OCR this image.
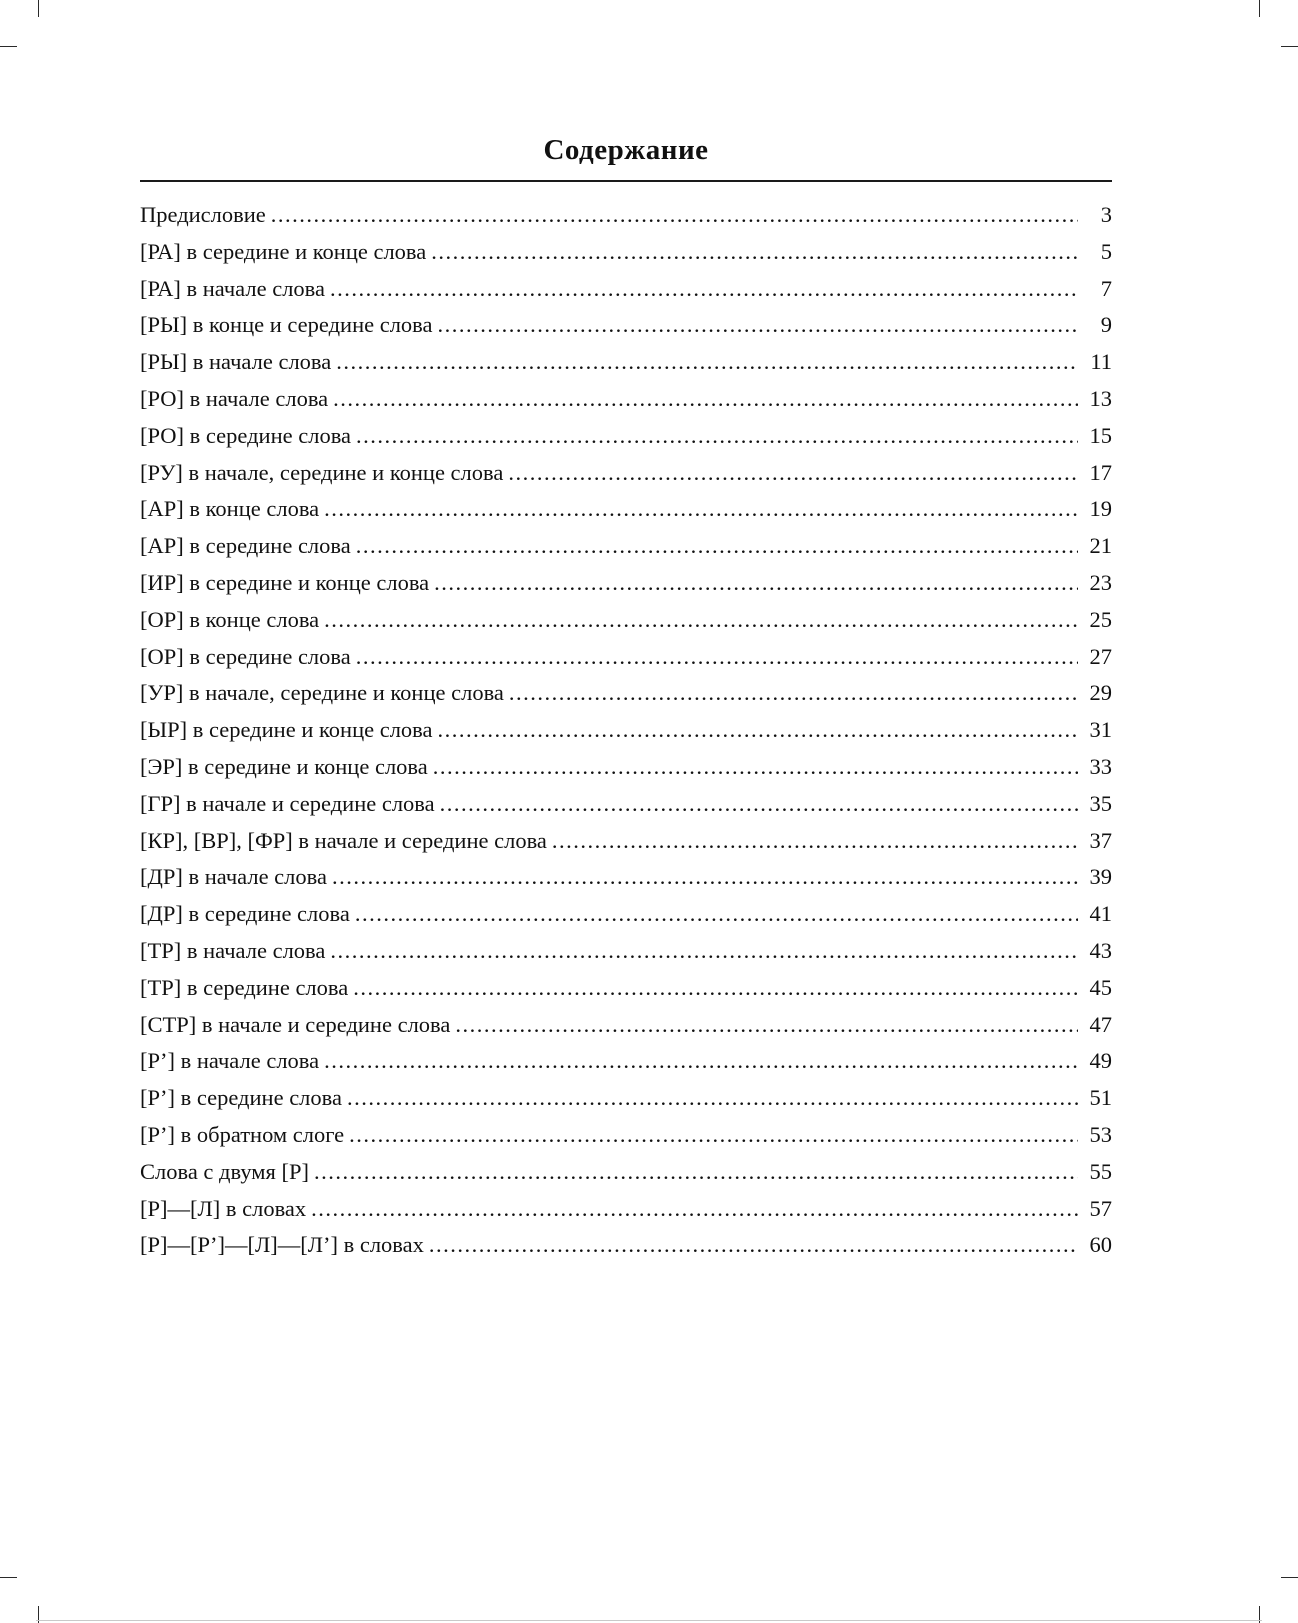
Содержание
Предисловие .....	3
[РА] в середине и конце слова .....	5
[РА] в начале слова .....	7
[РЫ] в конце и середине слова .....	9
[РЫ] в начале слова .....	11
[РО] в начале слова .....	13
[РО] в середине слова .....	15
[РУ] в начале, середине и конце слова .....	17
[АР] в конце слова .....	19
[АР] в середине слова .....	21
[ИР] в середине и конце слова .....	23
[ОР] в конце слова .....	25
[ОР] в середине слова .....	27
[УР] в начале, середине и конце слова .....	29
[ЫР] в середине и конце слова .....	31
[ЭР] в середине и конце слова .....	33
[ГР] в начале и середине слова .....	35
[КР], [ВР], [ФР] в начале и середине слова .....	37
[ДР] в начале слова .....	39
[ДР] в середине слова .....	41
[ТР] в начале слова .....	43
[ТР] в середине слова .....	45
[СТР] в начале и середине слова .....	47
[Р’] в начале слова .....	49
[Р’] в середине слова .....	51
[Р’] в обратном слоге .....	53
Слова с двумя [Р] .....	55
[Р]—[Л] в словах .....	57
[Р]—[Р’]—[Л]—[Л’] в словах .....	60
